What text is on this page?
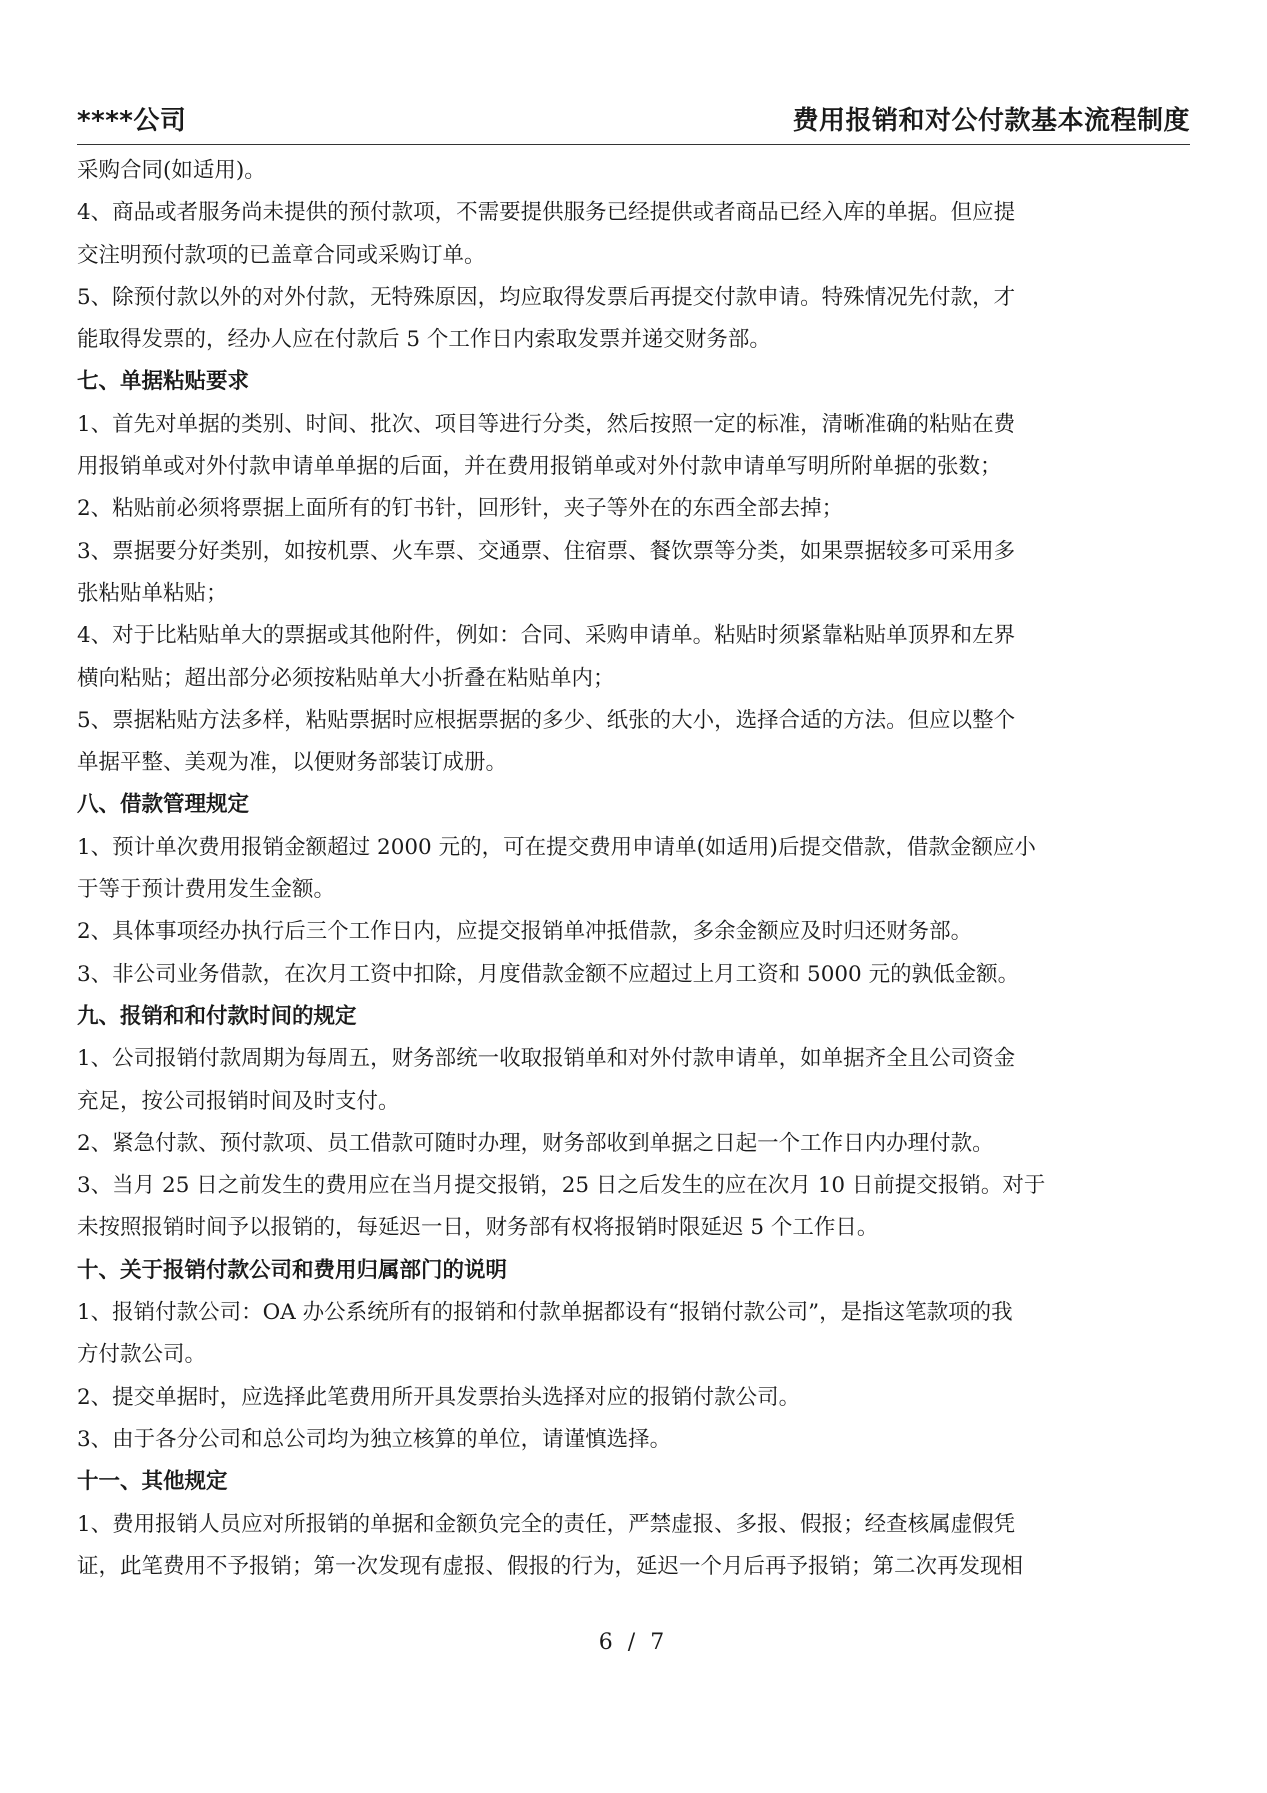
****公司	费用报销和对公付款基本流程制度
采购合同(如适用)。
4、商品或者服务尚未提供的预付款项，不需要提供服务已经提供或者商品已经入库的单据。但应提
交注明预付款项的已盖章合同或采购订单。
5、除预付款以外的对外付款，无特殊原因，均应取得发票后再提交付款申请。特殊情况先付款，才
能取得发票的，经办人应在付款后 5 个工作日内索取发票并递交财务部。
七、单据粘贴要求
1、首先对单据的类别、时间、批次、项目等进行分类，然后按照一定的标准，清晰准确的粘贴在费
用报销单或对外付款申请单单据的后面，并在费用报销单或对外付款申请单写明所附单据的张数；
2、粘贴前必须将票据上面所有的钉书针，回形针，夹子等外在的东西全部去掉；
3、票据要分好类别，如按机票、火车票、交通票、住宿票、餐饮票等分类，如果票据较多可采用多
张粘贴单粘贴；
4、对于比粘贴单大的票据或其他附件，例如：合同、采购申请单。粘贴时须紧靠粘贴单顶界和左界
横向粘贴；超出部分必须按粘贴单大小折叠在粘贴单内；
5、票据粘贴方法多样，粘贴票据时应根据票据的多少、纸张的大小，选择合适的方法。但应以整个
单据平整、美观为准，以便财务部装订成册。
八、借款管理规定
1、预计单次费用报销金额超过 2000 元的，可在提交费用申请单(如适用)后提交借款，借款金额应小
于等于预计费用发生金额。
2、具体事项经办执行后三个工作日内，应提交报销单冲抵借款，多余金额应及时归还财务部。
3、非公司业务借款，在次月工资中扣除，月度借款金额不应超过上月工资和 5000 元的孰低金额。
九、报销和和付款时间的规定
1、公司报销付款周期为每周五，财务部统一收取报销单和对外付款申请单，如单据齐全且公司资金
充足，按公司报销时间及时支付。
2、紧急付款、预付款项、员工借款可随时办理，财务部收到单据之日起一个工作日内办理付款。
3、当月 25 日之前发生的费用应在当月提交报销，25 日之后发生的应在次月 10 日前提交报销。对于
未按照报销时间予以报销的，每延迟一日，财务部有权将报销时限延迟 5 个工作日。
十、关于报销付款公司和费用归属部门的说明
1、报销付款公司：OA 办公系统所有的报销和付款单据都设有“报销付款公司”，是指这笔款项的我
方付款公司。
2、提交单据时，应选择此笔费用所开具发票抬头选择对应的报销付款公司。
3、由于各分公司和总公司均为独立核算的单位，请谨慎选择。
十一、其他规定
1、费用报销人员应对所报销的单据和金额负完全的责任，严禁虚报、多报、假报；经查核属虚假凭
证，此笔费用不予报销；第一次发现有虚报、假报的行为，延迟一个月后再予报销；第二次再发现相
6 / 7
